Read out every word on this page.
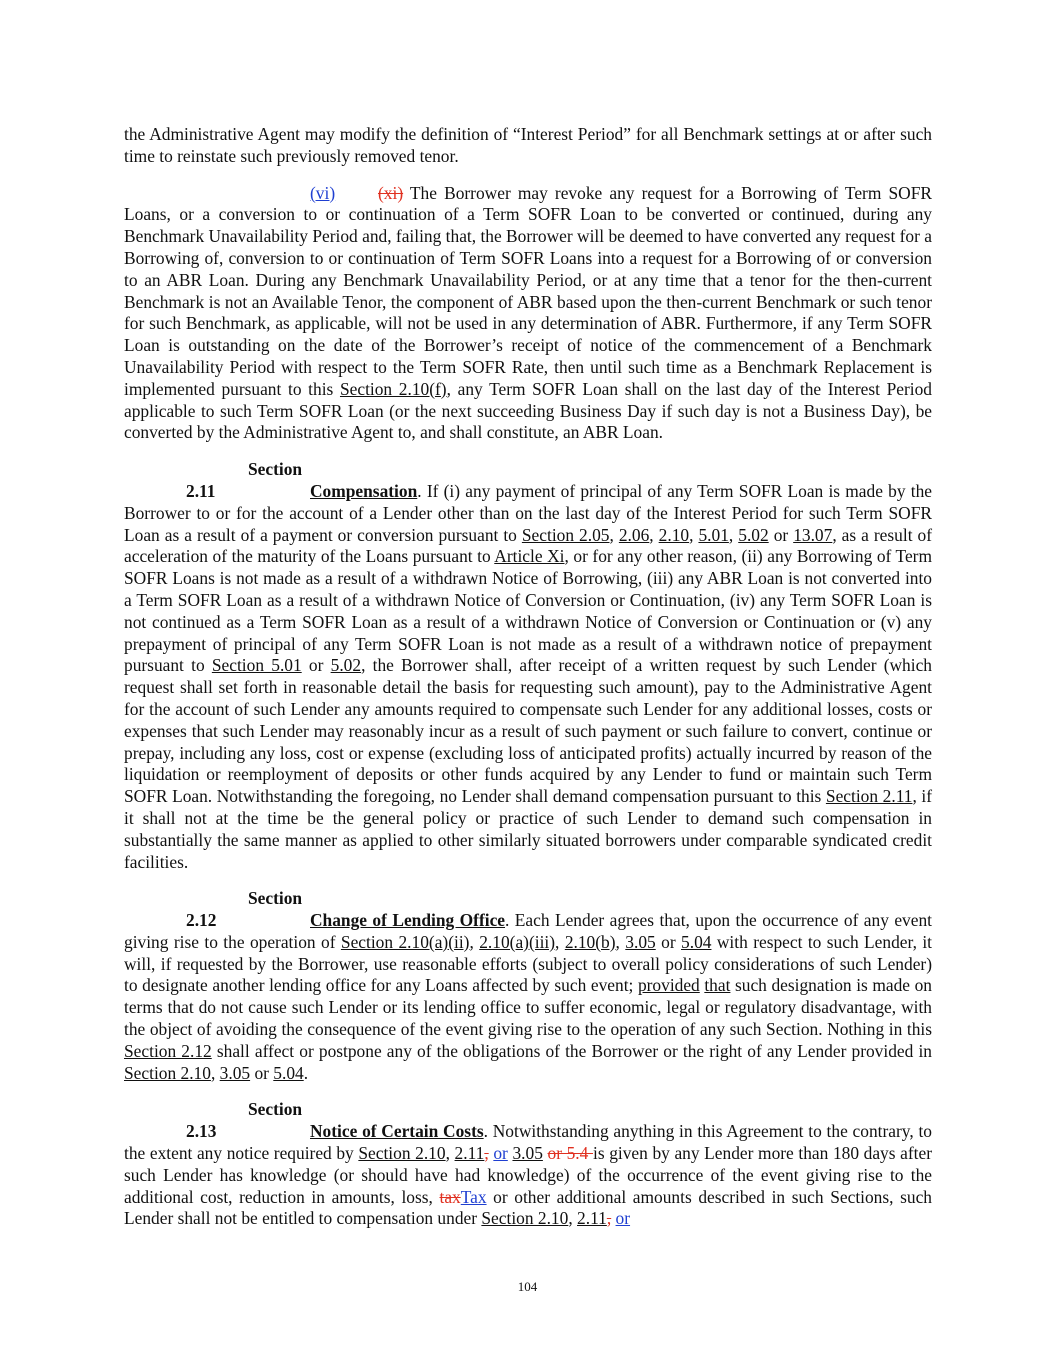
the Administrative Agent may modify the definition of “Interest Period” for all Benchmark settings at or after such time to reinstate such previously removed tenor.

(vi) (xi) The Borrower may revoke any request for a Borrowing of Term SOFR Loans, or a conversion to or continuation of a Term SOFR Loan to be converted or continued, during any Benchmark Unavailability Period and, failing that, the Borrower will be deemed to have converted any request for a Borrowing of, conversion to or continuation of Term SOFR Loans into a request for a Borrowing of or conversion to an ABR Loan. During any Benchmark Unavailability Period, or at any time that a tenor for the then-current Benchmark is not an Available Tenor, the component of ABR based upon the then-current Benchmark or such tenor for such Benchmark, as applicable, will not be used in any determination of ABR. Furthermore, if any Term SOFR Loan is outstanding on the date of the Borrower’s receipt of notice of the commencement of a Benchmark Unavailability Period with respect to the Term SOFR Rate, then until such time as a Benchmark Replacement is implemented pursuant to this Section 2.10(f), any Term SOFR Loan shall on the last day of the Interest Period applicable to such Term SOFR Loan (or the next succeeding Business Day if such day is not a Business Day), be converted by the Administrative Agent to, and shall constitute, an ABR Loan.

Section 2.11	Compensation. If (i) any payment of principal of any Term SOFR Loan is made by the Borrower to or for the account of a Lender other than on the last day of the Interest Period for such Term SOFR Loan as a result of a payment or conversion pursuant to Section 2.05, 2.06, 2.10, 5.01, 5.02 or 13.07, as a result of acceleration of the maturity of the Loans pursuant to Article Xi, or for any other reason, (ii) any Borrowing of Term SOFR Loans is not made as a result of a withdrawn Notice of Borrowing, (iii) any ABR Loan is not converted into a Term SOFR Loan as a result of a withdrawn Notice of Conversion or Continuation, (iv) any Term SOFR Loan is not continued as a Term SOFR Loan as a result of a withdrawn Notice of Conversion or Continuation or (v) any prepayment of principal of any Term SOFR Loan is not made as a result of a withdrawn notice of prepayment pursuant to Section 5.01 or 5.02, the Borrower shall, after receipt of a written request by such Lender (which request shall set forth in reasonable detail the basis for requesting such amount), pay to the Administrative Agent for the account of such Lender any amounts required to compensate such Lender for any additional losses, costs or expenses that such Lender may reasonably incur as a result of such payment or such failure to convert, continue or prepay, including any loss, cost or expense (excluding loss of anticipated profits) actually incurred by reason of the liquidation or reemployment of deposits or other funds acquired by any Lender to fund or maintain such Term SOFR Loan. Notwithstanding the foregoing, no Lender shall demand compensation pursuant to this Section 2.11, if it shall not at the time be the general policy or practice of such Lender to demand such compensation in substantially the same manner as applied to other similarly situated borrowers under comparable syndicated credit facilities.

Section 2.12	Change of Lending Office. Each Lender agrees that, upon the occurrence of any event giving rise to the operation of Section 2.10(a)(ii), 2.10(a)(iii), 2.10(b), 3.05 or 5.04 with respect to such Lender, it will, if requested by the Borrower, use reasonable efforts (subject to overall policy considerations of such Lender) to designate another lending office for any Loans affected by such event; provided that such designation is made on terms that do not cause such Lender or its lending office to suffer economic, legal or regulatory disadvantage, with the object of avoiding the consequence of the event giving rise to the operation of any such Section. Nothing in this Section 2.12 shall affect or postpone any of the obligations of the Borrower or the right of any Lender provided in Section 2.10, 3.05 or 5.04.

Section 2.13	Notice of Certain Costs. Notwithstanding anything in this Agreement to the contrary, to the extent any notice required by Section 2.10, 2.11, or 3.05 or 5.4 is given by any Lender more than 180 days after such Lender has knowledge (or should have had knowledge) of the occurrence of the event giving rise to the additional cost, reduction in amounts, loss, taxTax or other additional amounts described in such Sections, such Lender shall not be entitled to compensation under Section 2.10, 2.11, or

104
